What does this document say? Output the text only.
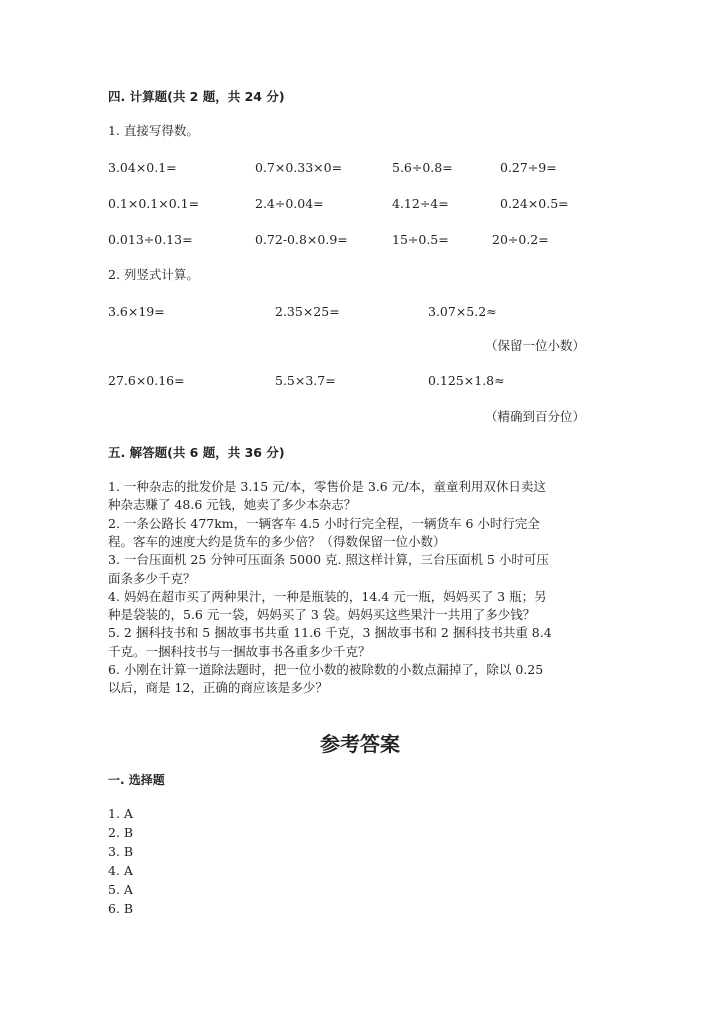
四. 计算题(共 2 题，共 24 分)
1. 直接写得数。
3.04×0.1=	0.7×0.33×0=	5.6÷0.8=	0.27÷9=
0.1×0.1×0.1=	2.4÷0.04=	4.12÷4=	0.24×0.5=
0.013÷0.13=	0.72-0.8×0.9=	15÷0.5=	20÷0.2=
2. 列竖式计算。
3.6×19=	2.35×25=	3.07×5.2≈
27.6×0.16=	5.5×3.7=	0.125×1.8≈
（保留一位小数）
（精确到百分位）
五. 解答题(共 6 题，共 36 分)
1. 一种杂志的批发价是 3.15 元/本，零售价是 3.6 元/本，童童利用双休日卖这
种杂志赚了 48.6 元钱，她卖了多少本杂志？
2. 一条公路长 477km，一辆客车 4.5 小时行完全程，一辆货车 6 小时行完全
程。客车的速度大约是货车的多少倍？（得数保留一位小数）
3. 一台压面机 25 分钟可压面条 5000 克. 照这样计算，三台压面机 5 小时可压
面条多少千克？
4. 妈妈在超市买了两种果汁，一种是瓶装的，14.4 元一瓶，妈妈买了 3 瓶；另
种是袋装的，5.6 元一袋，妈妈买了 3 袋。妈妈买这些果汁一共用了多少钱？
5. 2 捆科技书和 5 捆故事书共重 11.6 千克，3 捆故事书和 2 捆科技书共重 8.4
千克。一捆科技书与一捆故事书各重多少千克？
6. 小刚在计算一道除法题时，把一位小数的被除数的小数点漏掉了，除以 0.25
以后，商是 12，正确的商应该是多少？
参考答案
一. 选择题
1. A
2. B
3. B
4. A
5. A
6. B
